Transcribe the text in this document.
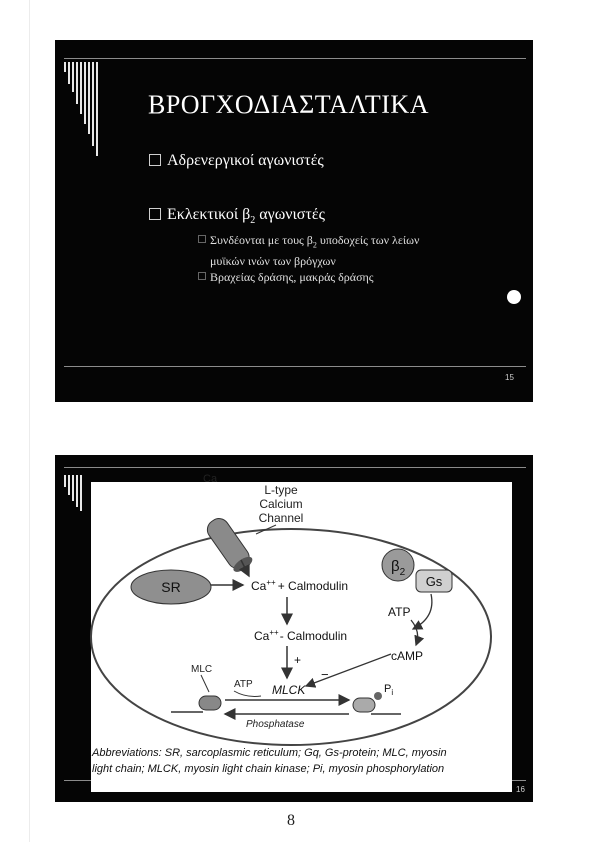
ΒΡΟΓΧΟΔΙΑΣΤΑΛΤΙΚΑ
Αδρενεργικοί αγωνιστές
Εκλεκτικοί $\beta_2$ αγωνιστές
Συνδέονται με τους $\beta_2$ υποδοχείς των λείων
μυϊκών ινών των βρόγχων
Βραχείας δράσης, μακράς δράσης
15
16
Ca
L-type
Calcium
Channel
SR	Ca++ + Calmodulin
Ca++- Calmodulin
+
$\beta_2$
Gs
ATP
cAMP
−
MLC
ATP MLCK
Phosphatase
$P_i$
Abbreviations: SR, sarcoplasmic reticulum; Gq, Gs-protein; MLC, myosin
light chain; MLCK, myosin light chain kinase; Pi, myosin phosphorylation
8
